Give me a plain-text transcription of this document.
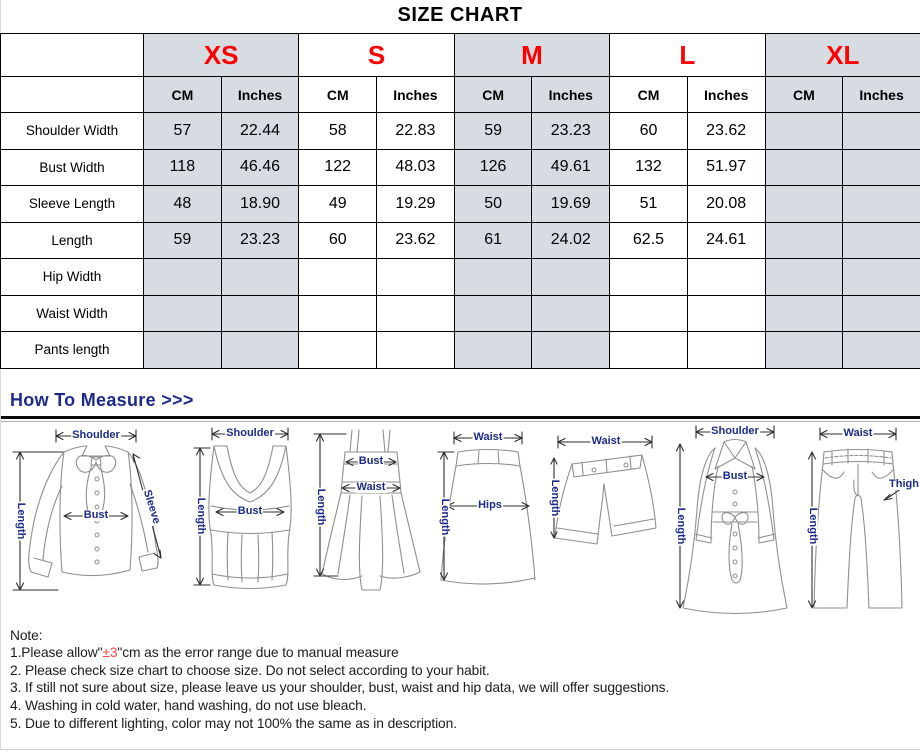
SIZE CHART
	XS		S		M		L		XL	
	CM	Inches	CM	Inches	CM	Inches	CM	Inches	CM	Inches
Shoulder Width	57	22.44	58	22.83	59	23.23	60	23.62		
Bust Width	118	46.46	122	48.03	126	49.61	132	51.97		
Sleeve Length	48	18.90	49	19.29	50	19.69	51	20.08		
Length	59	23.23	60	23.62	61	24.02	62.5	24.61		
Hip Width										
Waist Width										
Pants length										
How To Measure >>>
Shoulder
Bust	Sleeve
Length
Shoulder
Bust
Length
Bust
Waist
Length
Waist
Hips
Length
Waist
Length
Shoulder
Bust
Length
Waist
Thigh
Length
Note:
1.Please allow"±3"cm as the error range due to manual measure
2. Please check size chart to choose size. Do not select according to your habit.
3. If still not sure about size, please leave us your shoulder, bust, waist and hip data, we will offer suggestions.
4. Washing in cold water, hand washing, do not use bleach.
5. Due to different lighting, color may not 100% the same as in description.
